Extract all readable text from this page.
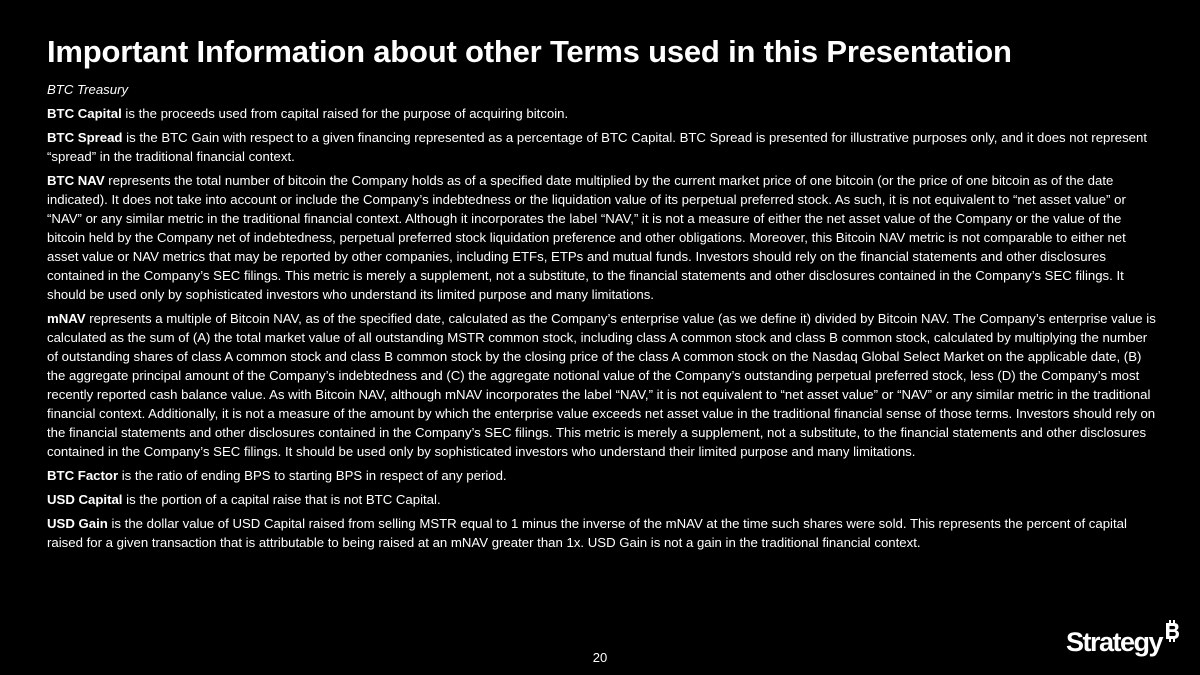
Important Information about other Terms used in this Presentation

BTC Treasury

BTC Capital is the proceeds used from capital raised for the purpose of acquiring bitcoin.

BTC Spread is the BTC Gain with respect to a given financing represented as a percentage of BTC Capital. BTC Spread is presented for illustrative purposes only, and it does not represent “spread” in the traditional financial context.

BTC NAV represents the total number of bitcoin the Company holds as of a specified date multiplied by the current market price of one bitcoin (or the price of one bitcoin as of the date indicated). It does not take into account or include the Company’s indebtedness or the liquidation value of its perpetual preferred stock. As such, it is not equivalent to “net asset value” or “NAV” or any similar metric in the traditional financial context. Although it incorporates the label “NAV,” it is not a measure of either the net asset value of the Company or the value of the bitcoin held by the Company net of indebtedness, perpetual preferred stock liquidation preference and other obligations. Moreover, this Bitcoin NAV metric is not comparable to either net asset value or NAV metrics that may be reported by other companies, including ETFs, ETPs and mutual funds. Investors should rely on the financial statements and other disclosures contained in the Company’s SEC filings. This metric is merely a supplement, not a substitute, to the financial statements and other disclosures contained in the Company’s SEC filings. It should be used only by sophisticated investors who understand its limited purpose and many limitations.

mNAV represents a multiple of Bitcoin NAV, as of the specified date, calculated as the Company’s enterprise value (as we define it) divided by Bitcoin NAV. The Company’s enterprise value is calculated as the sum of (A) the total market value of all outstanding MSTR common stock, including class A common stock and class B common stock, calculated by multiplying the number of outstanding shares of class A common stock and class B common stock by the closing price of the class A common stock on the Nasdaq Global Select Market on the applicable date, (B) the aggregate principal amount of the Company’s indebtedness and (C) the aggregate notional value of the Company’s outstanding perpetual preferred stock, less (D) the Company’s most recently reported cash balance value. As with Bitcoin NAV, although mNAV incorporates the label “NAV,” it is not equivalent to “net asset value” or “NAV” or any similar metric in the traditional financial context. Additionally, it is not a measure of the amount by which the enterprise value exceeds net asset value in the traditional financial sense of those terms. Investors should rely on the financial statements and other disclosures contained in the Company’s SEC filings. This metric is merely a supplement, not a substitute, to the financial statements and other disclosures contained in the Company’s SEC filings. It should be used only by sophisticated investors who understand their limited purpose and many limitations.

BTC Factor is the ratio of ending BPS to starting BPS in respect of any period.

USD Capital is the portion of a capital raise that is not BTC Capital.

USD Gain is the dollar value of USD Capital raised from selling MSTR equal to 1 minus the inverse of the mNAV at the time such shares were sold. This represents the percent of capital raised for a given transaction that is attributable to being raised at an mNAV greater than 1x. USD Gain is not a gain in the traditional financial context.

20
Strategy
